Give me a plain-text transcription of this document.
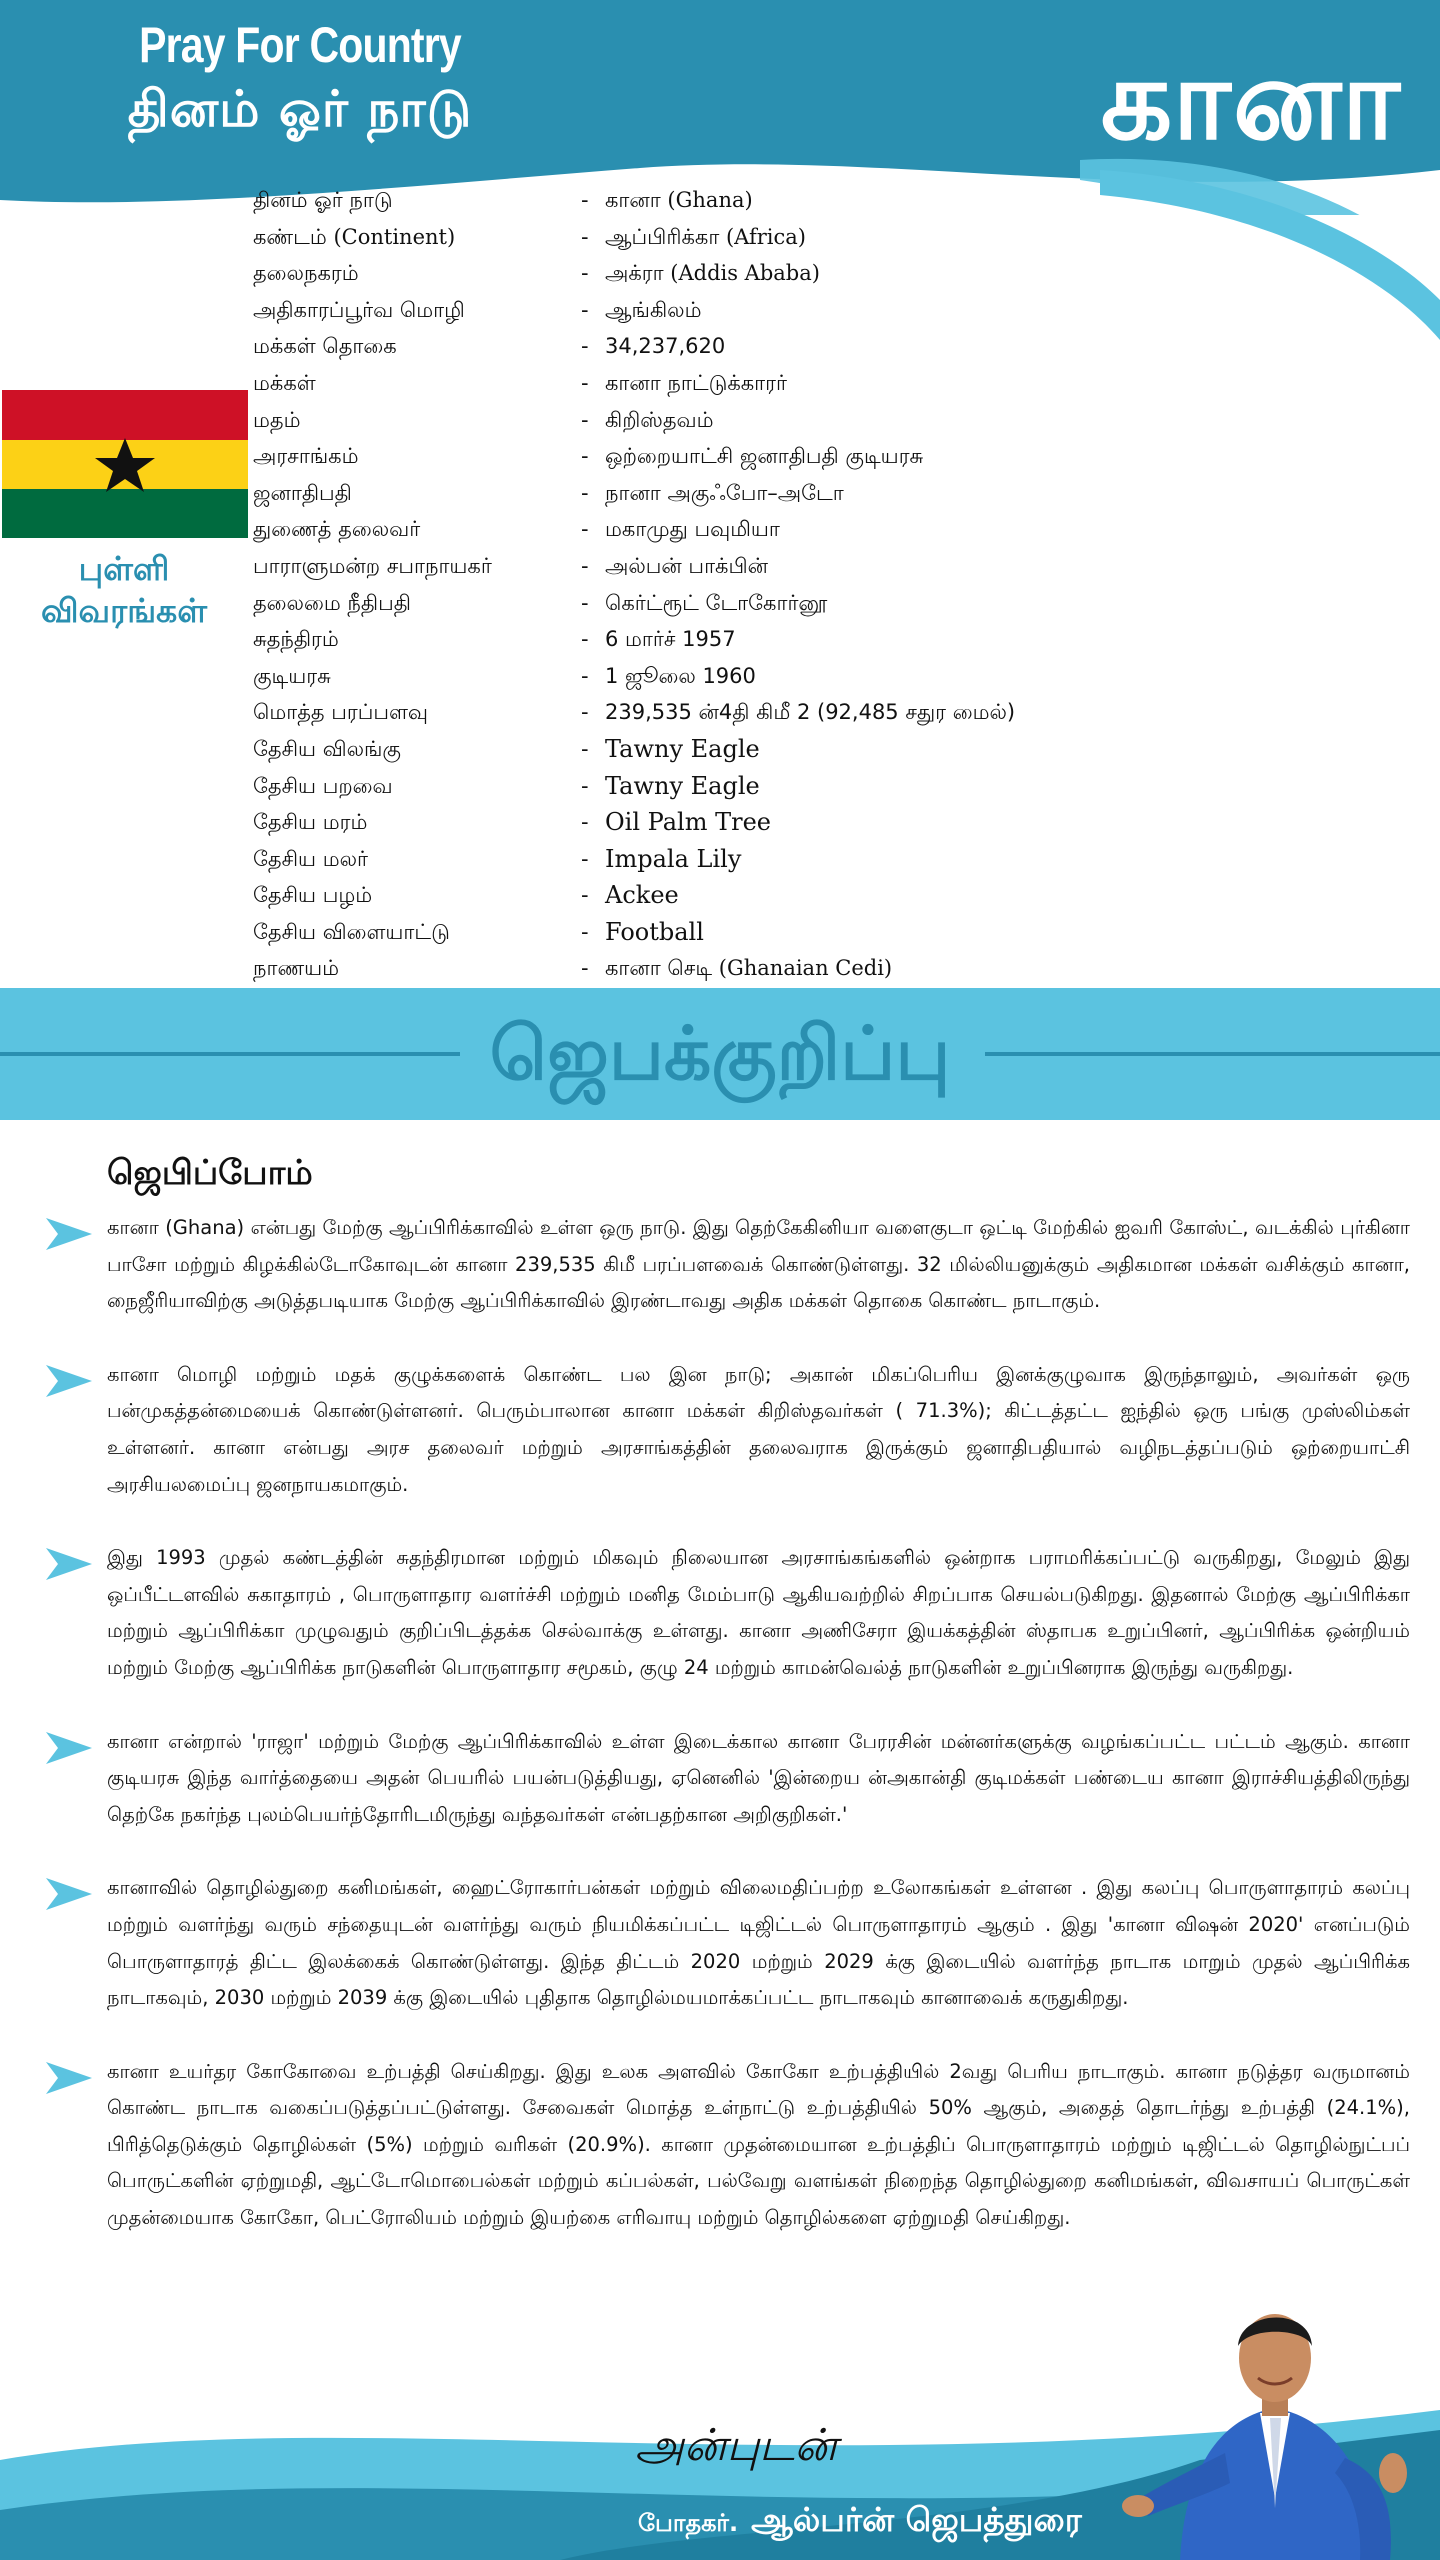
Pray For Country
தினம் ஓர் நாடு	கானா
புள்ளி விவரங்கள்
தினம் ஓர் நாடு	- கானா (Ghana)
கண்டம் (Continent)	- ஆப்பிரிக்கா (Africa)
தலைநகரம்	- அக்ரா (Addis Ababa)
அதிகாரப்பூர்வ மொழி	- ஆங்கிலம்
மக்கள் தொகை	- 34,237,620
மக்கள்	- கானா நாட்டுக்காரர்
மதம்	- கிறிஸ்தவம்
அரசாங்கம்	- ஒற்றையாட்சி ஜனாதிபதி குடியரசு
ஜனாதிபதி	- நானா அகுஃபோ–அடோ
துணைத் தலைவர்	- மகாமுது பவுமியா
பாராளுமன்ற சபாநாயகர்	- அல்பன் பாக்பின்
தலைமை நீதிபதி	- கெர்ட்ரூட் டோகோர்னூ
சுதந்திரம்	- 6 மார்ச் 1957
குடியரசு	- 1 ஜூலை 1960
மொத்த பரப்பளவு	- 239,535 ன்4தி கிமீ 2 (92,485 சதுர மைல்)
தேசிய விலங்கு	- Tawny Eagle
தேசிய பறவை	- Tawny Eagle
தேசிய மரம்	- Oil Palm Tree
தேசிய மலர்	- Impala Lily
தேசிய பழம்	- Ackee
தேசிய விளையாட்டு	- Football
நாணயம்	- கானா செடி (Ghanaian Cedi)
ஜெபக்குறிப்பு
ஜெபிப்போம்

கானா (Ghana) என்பது மேற்கு ஆப்பிரிக்காவில் உள்ள ஒரு நாடு. இது தெற்கேகினியா வளைகுடா ஒட்டி மேற்கில் ஐவரி கோஸ்ட், வடக்கில் புர்கினா பாசோ மற்றும் கிழக்கில்டோகோவுடன் கானா 239,535 கிமீ பரப்பளவைக் கொண்டுள்ளது. 32 மில்லியனுக்கும் அதிகமான மக்கள் வசிக்கும் கானா, நைஜீரியாவிற்கு அடுத்தபடியாக மேற்கு ஆப்பிரிக்காவில் இரண்டாவது அதிக மக்கள் தொகை கொண்ட நாடாகும்.

கானா மொழி மற்றும் மதக் குழுக்களைக் கொண்ட பல இன நாடு; அகான் மிகப்பெரிய இனக்குழுவாக இருந்தாலும், அவர்கள் ஒரு பன்முகத்தன்மையைக் கொண்டுள்ளனர். பெரும்பாலான கானா மக்கள் கிறிஸ்தவர்கள் ( 71.3%); கிட்டத்தட்ட ஐந்தில் ஒரு பங்கு முஸ்லிம்கள் உள்ளனர். கானா என்பது அரச தலைவர் மற்றும் அரசாங்கத்தின் தலைவராக இருக்கும் ஜனாதிபதியால் வழிநடத்தப்படும் ஒற்றையாட்சி அரசியலமைப்பு ஜனநாயகமாகும்.

இது 1993 முதல் கண்டத்தின் சுதந்திரமான மற்றும் மிகவும் நிலையான அரசாங்கங்களில் ஒன்றாக பராமரிக்கப்பட்டு வருகிறது, மேலும் இது ஒப்பீட்டளவில் சுகாதாரம் , பொருளாதார வளர்ச்சி மற்றும் மனித மேம்பாடு ஆகியவற்றில் சிறப்பாக செயல்படுகிறது. இதனால் மேற்கு ஆப்பிரிக்கா மற்றும் ஆப்பிரிக்கா முழுவதும் குறிப்பிடத்தக்க செல்வாக்கு உள்ளது. கானா அணிசேரா இயக்கத்தின் ஸ்தாபக உறுப்பினர், ஆப்பிரிக்க ஒன்றியம் மற்றும் மேற்கு ஆப்பிரிக்க நாடுகளின் பொருளாதார சமூகம், குழு 24 மற்றும் காமன்வெல்த் நாடுகளின் உறுப்பினராக இருந்து வருகிறது.

கானா என்றால் 'ராஜா' மற்றும் மேற்கு ஆப்பிரிக்காவில் உள்ள இடைக்கால கானா பேரரசின் மன்னர்களுக்கு வழங்கப்பட்ட பட்டம் ஆகும். கானா குடியரசு இந்த வார்த்தையை அதன் பெயரில் பயன்படுத்தியது, ஏனெனில் 'இன்றைய ன்அகான்தி குடிமக்கள் பண்டைய கானா இராச்சியத்திலிருந்து தெற்கே நகர்ந்த புலம்பெயர்ந்தோரிடமிருந்து வந்தவர்கள் என்பதற்கான அறிகுறிகள்.'

கானாவில் தொழில்துறை கனிமங்கள், ஹைட்ரோகார்பன்கள் மற்றும் விலைமதிப்பற்ற உலோகங்கள் உள்ளன . இது கலப்பு பொருளாதாரம் கலப்பு மற்றும் வளர்ந்து வரும் சந்தையுடன் வளர்ந்து வரும் நியமிக்கப்பட்ட டிஜிட்டல் பொருளாதாரம் ஆகும் . இது 'கானா விஷன் 2020' எனப்படும் பொருளாதாரத் திட்ட இலக்கைக் கொண்டுள்ளது. இந்த திட்டம் 2020 மற்றும் 2029 க்கு இடையில் வளர்ந்த நாடாக மாறும் முதல் ஆப்பிரிக்க நாடாகவும், 2030 மற்றும் 2039 க்கு இடையில் புதிதாக தொழில்மயமாக்கப்பட்ட நாடாகவும் கானாவைக் கருதுகிறது.

கானா உயர்தர கோகோவை உற்பத்தி செய்கிறது. இது உலக அளவில் கோகோ உற்பத்தியில் 2வது பெரிய நாடாகும். கானா நடுத்தர வருமானம் கொண்ட நாடாக வகைப்படுத்தப்பட்டுள்ளது. சேவைகள் மொத்த உள்நாட்டு உற்பத்தியில் 50% ஆகும், அதைத் தொடர்ந்து உற்பத்தி (24.1%), பிரித்தெடுக்கும் தொழில்கள் (5%) மற்றும் வரிகள் (20.9%). கானா முதன்மையான உற்பத்திப் பொருளாதாரம் மற்றும் டிஜிட்டல் தொழில்நுட்பப் பொருட்களின் ஏற்றுமதி, ஆட்டோமொபைல்கள் மற்றும் கப்பல்கள், பல்வேறு வளங்கள் நிறைந்த தொழில்துறை கனிமங்கள், விவசாயப் பொருட்கள் முதன்மையாக கோகோ, பெட்ரோலியம் மற்றும் இயற்கை எரிவாயு மற்றும் தொழில்களை ஏற்றுமதி செய்கிறது.

அன்புடன்
போதகர். ஆல்பர்ன் ஜெபத்துரை
